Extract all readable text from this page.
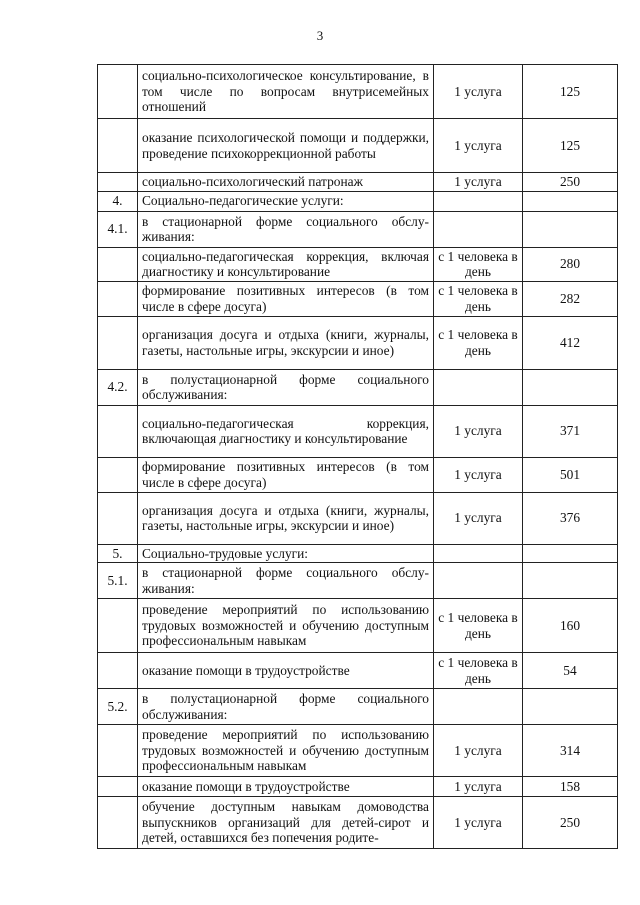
3
	социально-психологическое консультирование, в том числе по вопросам внутрисемейных отношений	1 услуга	125
	оказание психологической помощи и поддержки, проведение психокоррекционной работы	1 услуга	125
	социально-психологический патронаж	1 услуга	250
4.	Социально-педагогические услуги:		
4.1.	в стационарной форме социального обслуживания:		
	социально-педагогическая коррекция, включая диагностику и консультирование	с 1 человека в день	280
	формирование позитивных интересов (в том числе в сфере досуга)	с 1 человека в день	282
	организация досуга и отдыха (книги, журналы, газеты, настольные игры, экскурсии и иное)	с 1 человека в день	412
4.2.	в полустационарной форме социального обслуживания:		
	социально-педагогическая коррекция, включающая диагностику и консультирование	1 услуга	371
	формирование позитивных интересов (в том числе в сфере досуга)	1 услуга	501
	организация досуга и отдыха (книги, журналы, газеты, настольные игры, экскурсии и иное)	1 услуга	376
5.	Социально-трудовые услуги:		
5.1.	в стационарной форме социального обслуживания:		
	проведение мероприятий по использованию трудовых возможностей и обучению доступным профессиональным навыкам	с 1 человека в день	160
	оказание помощи в трудоустройстве	с 1 человека в день	54
5.2.	в полустационарной форме социального обслуживания:		
	проведение мероприятий по использованию трудовых возможностей и обучению доступным профессиональным навыкам	1 услуга	314
	оказание помощи в трудоустройстве	1 услуга	158
	обучение доступным навыкам домоводства выпускников организаций для детей-сирот и детей, оставшихся без попечения родите-	1 услуга	250
